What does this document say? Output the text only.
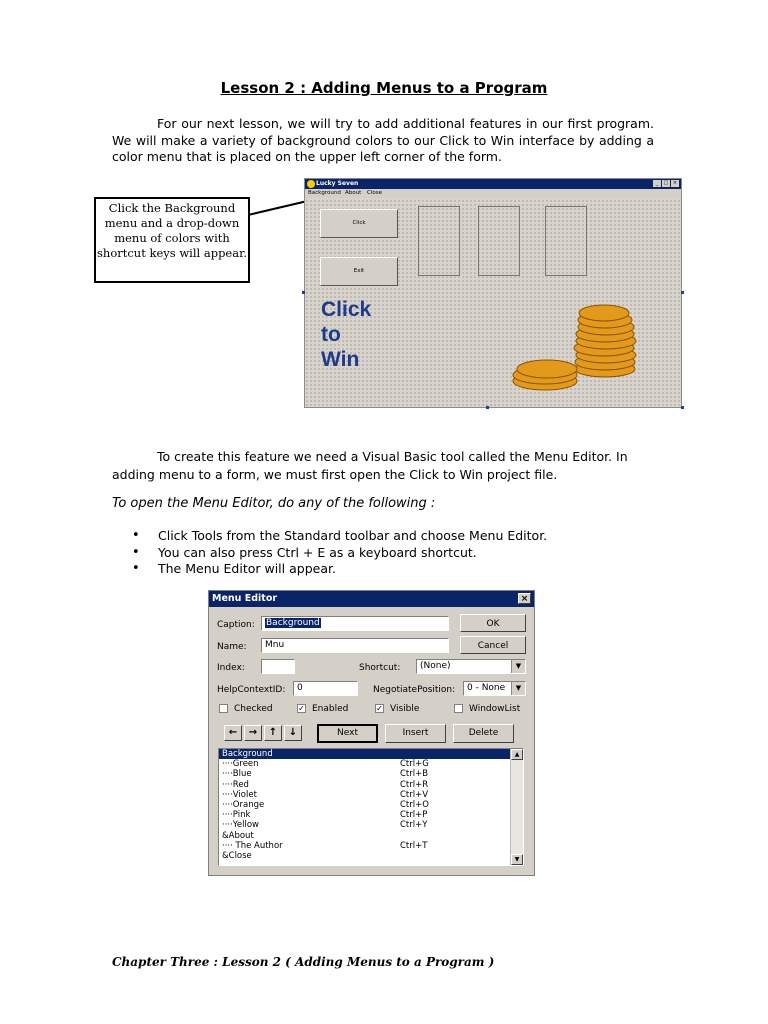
Lesson 2 : Adding Menus to a Program

For our next lesson, we will try to add additional features in our first program. We will make a variety of background colors to our Click to Win interface by adding a color menu that is placed on the upper left corner of the form.

Click the Background menu and a drop-down menu of colors with shortcut keys will appear.
Lucky Seven	_	□ ×
Background About Close
Click
Exit
Click
to
Win

To create this feature we need a Visual Basic tool called the Menu Editor. In adding menu to a form, we must first open the Click to Win project file.

To open the Menu Editor, do any of the following :
• Click Tools from the Standard toolbar and choose Menu Editor.
• You can also press Ctrl + E as a keyboard shortcut.
• The Menu Editor will appear.
Menu Editor	×
Caption:	Background
Name:	Mnu
Index:	Shortcut:	(None)	▼
HelpContextID:	0	NegotiatePosition:	0 - None	▼
Checked	✓ Enabled	✓ Visible	WindowList
OK
Cancel
←	→	↑	↓	Next	Insert	Delete
Background
····Green	Ctrl+G
····Blue	Ctrl+B
····Red	Ctrl+R
····Violet	Ctrl+V
····Orange	Ctrl+O
····Pink	Ctrl+P
····Yellow	Ctrl+Y
&About
···· The Author	Ctrl+T
&Close
▲
▼
Chapter Three : Lesson 2 ( Adding Menus to a Program )
